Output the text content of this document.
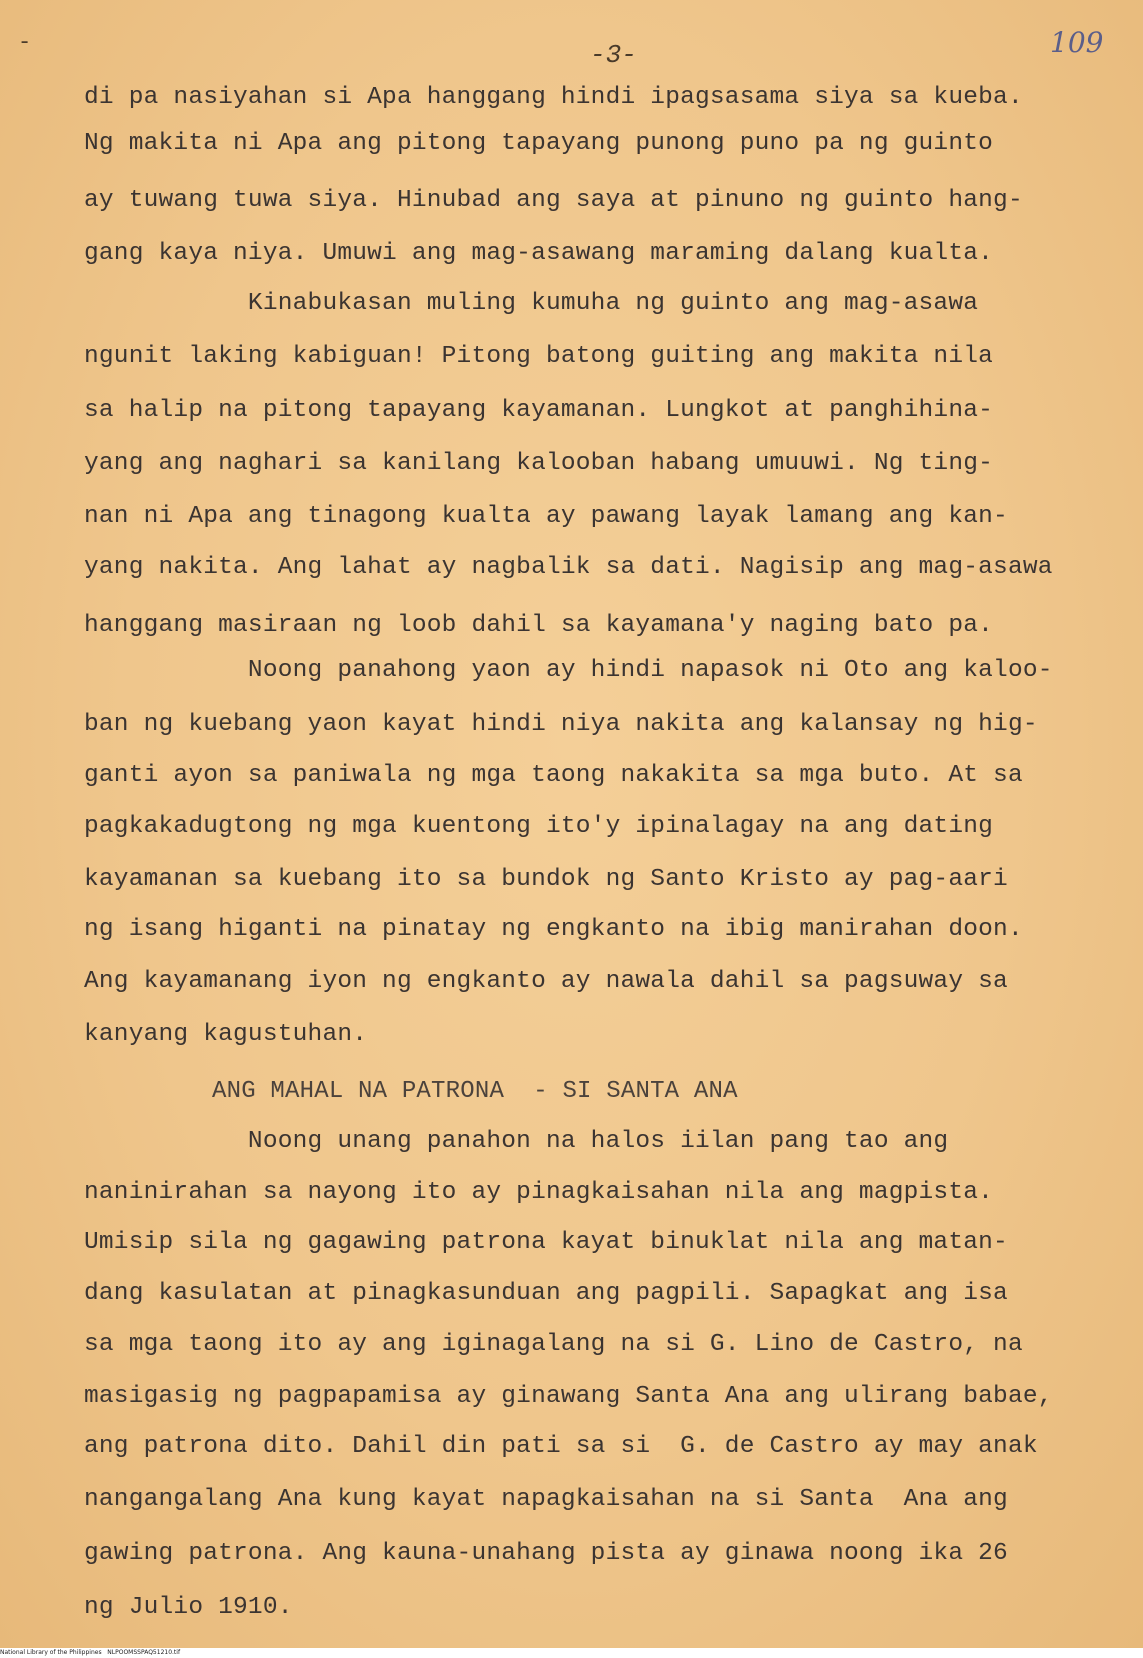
-	-3-	109
di pa nasiyahan si Apa hanggang hindi ipagsasama siya sa kueba.
Ng makita ni Apa ang pitong tapayang punong puno pa ng guinto
ay tuwang tuwa siya. Hinubad ang saya at pinuno ng guinto hang-
gang kaya niya. Umuwi ang mag-asawang maraming dalang kualta.
Kinabukasan muling kumuha ng guinto ang mag-asawa
ngunit laking kabiguan! Pitong batong guiting ang makita nila
sa halip na pitong tapayang kayamanan. Lungkot at panghihina-
yang ang naghari sa kanilang kalooban habang umuuwi. Ng ting-
nan ni Apa ang tinagong kualta ay pawang layak lamang ang kan-
yang nakita. Ang lahat ay nagbalik sa dati. Nagisip ang mag-asawa
hanggang masiraan ng loob dahil sa kayamana'y naging bato pa.
Noong panahong yaon ay hindi napasok ni Oto ang kaloo-
ban ng kuebang yaon kayat hindi niya nakita ang kalansay ng hig-
ganti ayon sa paniwala ng mga taong nakakita sa mga buto. At sa
pagkakadugtong ng mga kuentong ito'y ipinalagay na ang dating
kayamanan sa kuebang ito sa bundok ng Santo Kristo ay pag-aari
ng isang higanti na pinatay ng engkanto na ibig manirahan doon.
Ang kayamanang iyon ng engkanto ay nawala dahil sa pagsuway sa
kanyang kagustuhan.
ANG MAHAL NA PATRONA  - SI SANTA ANA
Noong unang panahon na halos iilan pang tao ang
naninirahan sa nayong ito ay pinagkaisahan nila ang magpista.
Umisip sila ng gagawing patrona kayat binuklat nila ang matan-
dang kasulatan at pinagkasunduan ang pagpili. Sapagkat ang isa
sa mga taong ito ay ang iginagalang na si G. Lino de Castro, na
masigasig ng pagpapamisa ay ginawang Santa Ana ang ulirang babae,
ang patrona dito. Dahil din pati sa si  G. de Castro ay may anak
nangangalang Ana kung kayat napagkaisahan na si Santa  Ana ang
gawing patrona. Ang kauna-unahang pista ay ginawa noong ika 26
ng Julio 1910.
National Library of the Philippines   NLPOOMSSPAQ51210.tif
